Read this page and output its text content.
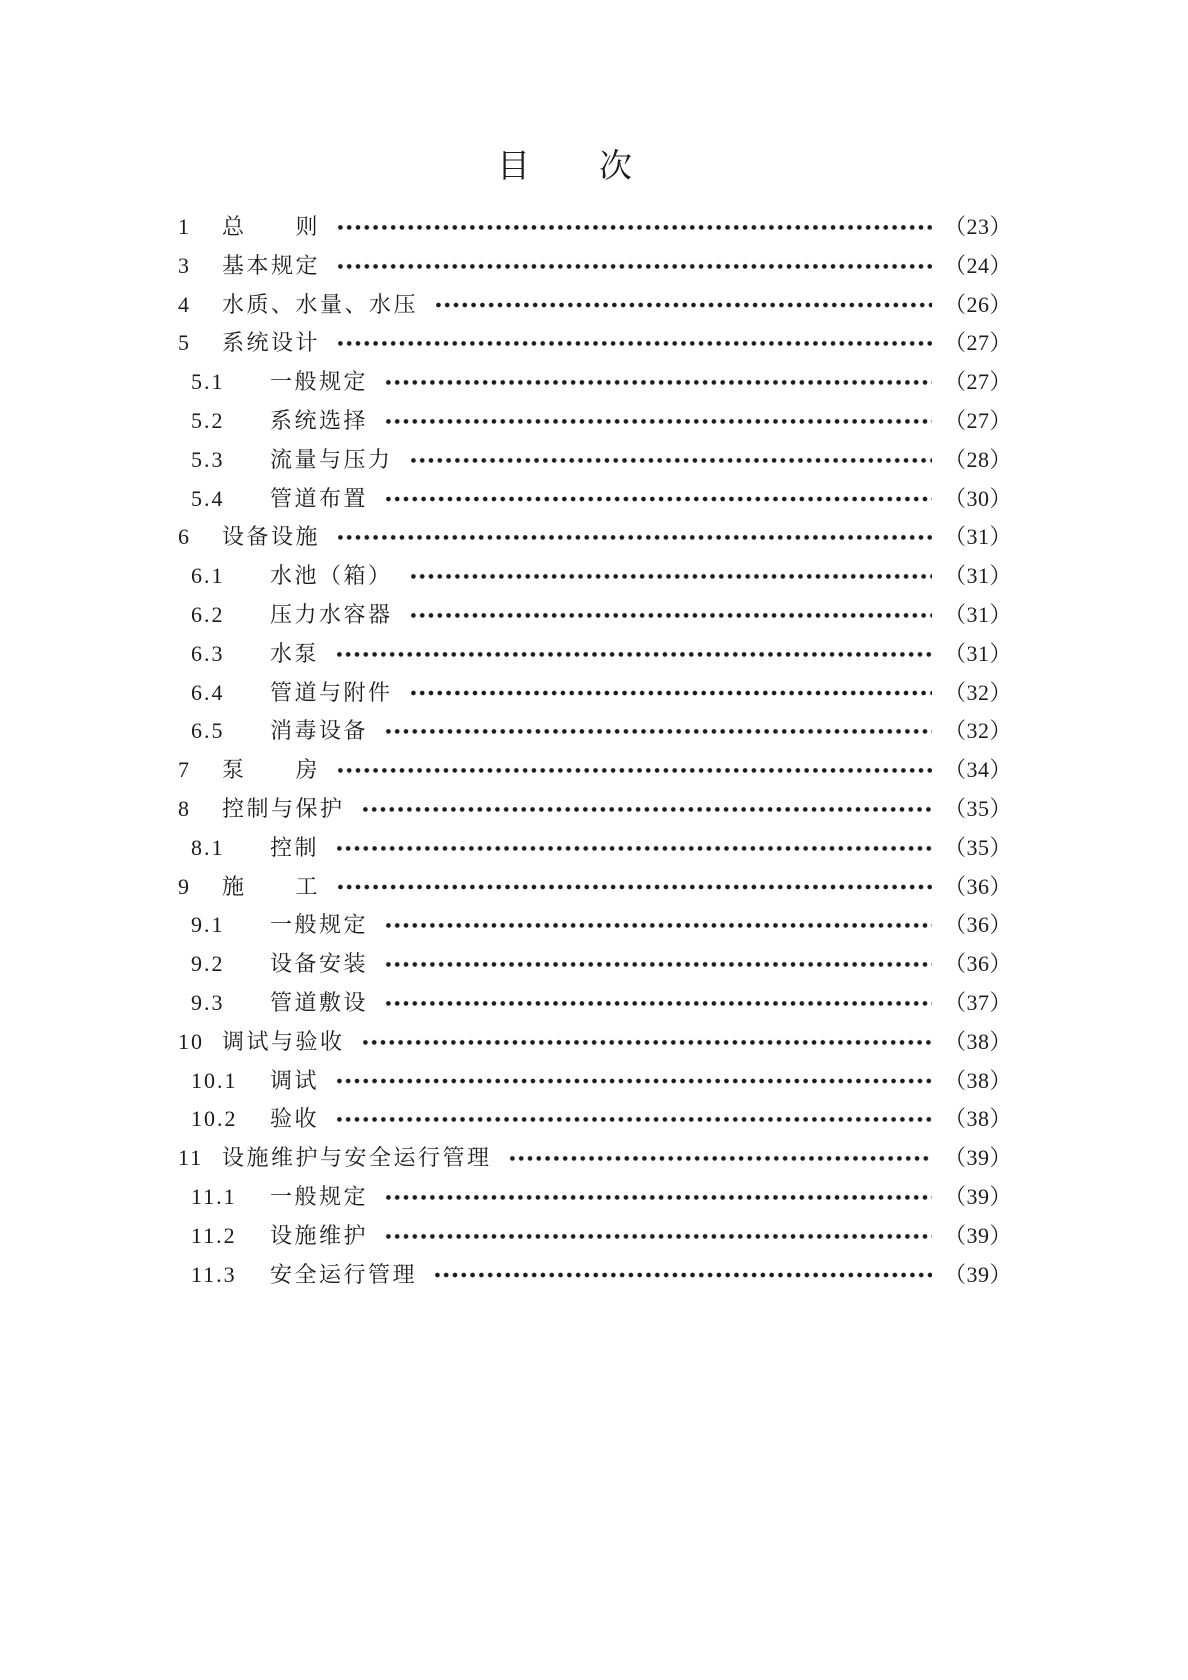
目　　次
1	总　　则	（23）
3	基本规定	（24）
4	水质、水量、水压	（26）
5	系统设计	（27）
5.1	一般规定	（27）
5.2	系统选择	（27）
5.3	流量与压力	（28）
5.4	管道布置	（30）
6	设备设施	（31）
6.1	水池（箱）	（31）
6.2	压力水容器	（31）
6.3	水泵	（31）
6.4	管道与附件	（32）
6.5	消毒设备	（32）
7	泵　　房	（34）
8	控制与保护	（35）
8.1	控制	（35）
9	施　　工	（36）
9.1	一般规定	（36）
9.2	设备安装	（36）
9.3	管道敷设	（37）
10 调试与验收	（38）
10.1	调试	（38）
10.2	验收	（38）
11 设施维护与安全运行管理	（39）
11.1	一般规定	（39）
11.2	设施维护	（39）
11.3	安全运行管理	（39）
